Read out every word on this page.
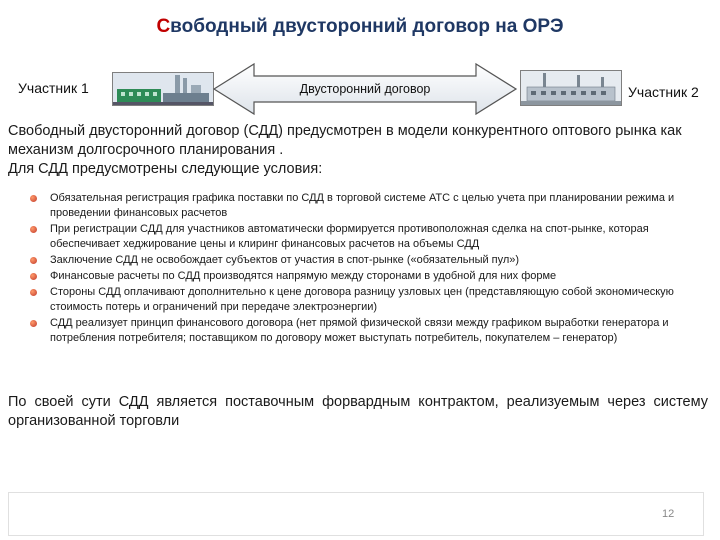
Свободный двусторонний договор на ОРЭ
Участник 1	Двусторонний договор	Участник 2

Свободный двусторонний договор (СДД) предусмотрен в модели конкурентного оптового рынка как механизм долгосрочного планирования .

Для СДД предусмотрены следующие условия:

Обязательная регистрация графика поставки по СДД в торговой системе АТС с целью учета при планировании режима и проведении финансовых расчетов
При регистрации СДД для участников автоматически формируется противоположная сделка на спот-рынке, которая обеспечивает хеджирование цены и клиринг финансовых расчетов на объемы СДД
Заключение СДД не освобождает субъектов от участия в спот-рынке («обязательный пул»)
Финансовые расчеты по СДД производятся напрямую между сторонами в удобной для них форме
Стороны СДД оплачивают дополнительно к цене договора разницу узловых цен (представляющую собой экономическую стоимость потерь и ограничений при передаче электроэнергии)
СДД реализует принцип финансового договора (нет прямой физической связи между графиком выработки генератора и потребления потребителя; поставщиком по договору может выступать потребитель, покупателем – генератор)
По своей сути СДД является поставочным форвардным контрактом, реализуемым через систему организованной торговли
12
